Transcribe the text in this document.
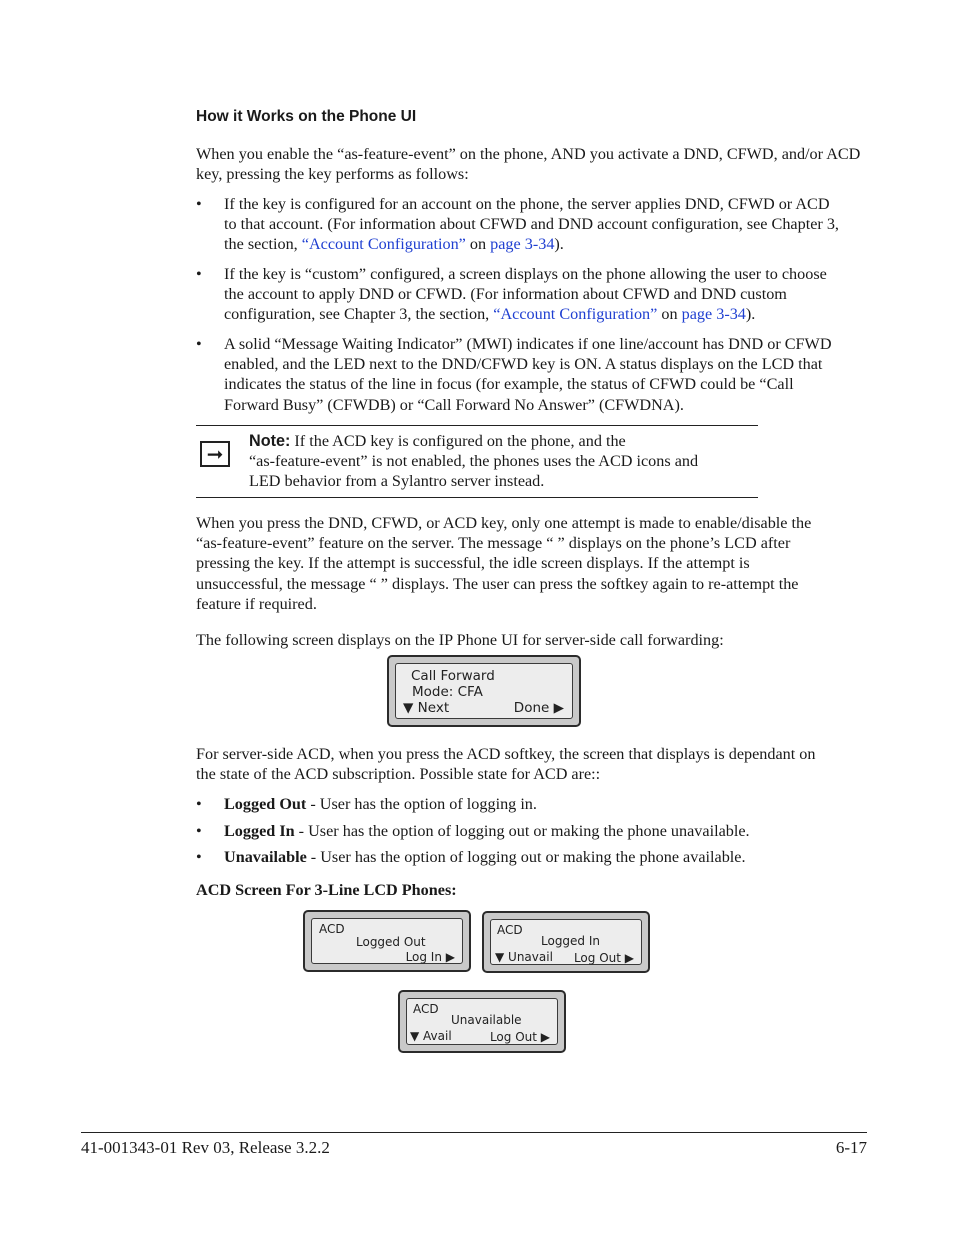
How it Works on the Phone UI
When you enable the “as-feature-event” on the phone, AND you activate a DND, CFWD, and/or ACD key, pressing the key performs as follows:
• If the key is configured for an account on the phone, the server applies DND, CFWD or ACD
to that account. (For information about CFWD and DND account configuration, see Chapter 3,
the section, “Account Configuration” on page 3-34).
• If the key is “custom” configured, a screen displays on the phone allowing the user to choose
the account to apply DND or CFWD. (For information about CFWD and DND custom
configuration, see Chapter 3, the section, “Account Configuration” on page 3-34).
• A solid “Message Waiting Indicator” (MWI) indicates if one line/account has DND or CFWD
enabled, and the LED next to the DND/CFWD key is ON. A status displays on the LCD that
indicates the status of the line in focus (for example, the status of CFWD could be “Call
Forward Busy” (CFWDB) or “Call Forward No Answer” (CFWDNA).
➞
Note: If the ACD key is configured on the phone, and the
“as-feature-event” is not enabled, the phones uses the ACD icons and
LED behavior from a Sylantro server instead.
When you press the DND, CFWD, or ACD key, only one attempt is made to enable/disable the
“as-feature-event” feature on the server. The message “ ” displays on the phone’s LCD after
pressing the key. If the attempt is successful, the idle screen displays. If the attempt is
unsuccessful, the message “ ” displays. The user can press the softkey again to re-attempt the
feature if required.
The following screen displays on the IP Phone UI for server-side call forwarding:
Call Forward
Mode: CFA
▼ Next	Done ▶
For server-side ACD, when you press the ACD softkey, the screen that displays is dependant on
the state of the ACD subscription. Possible state for ACD are::
• Logged Out - User has the option of logging in.
• Logged In - User has the option of logging out or making the phone unavailable.
• Unavailable - User has the option of logging out or making the phone available.
ACD Screen For 3-Line LCD Phones:
ACD
Logged Out
Log In ▶
ACD
Logged In
▼ Unavail Log Out ▶
ACD
Unavailable
▼ Avail	Log Out ▶
41-001343-01 Rev 03, Release 3.2.2	6-17
